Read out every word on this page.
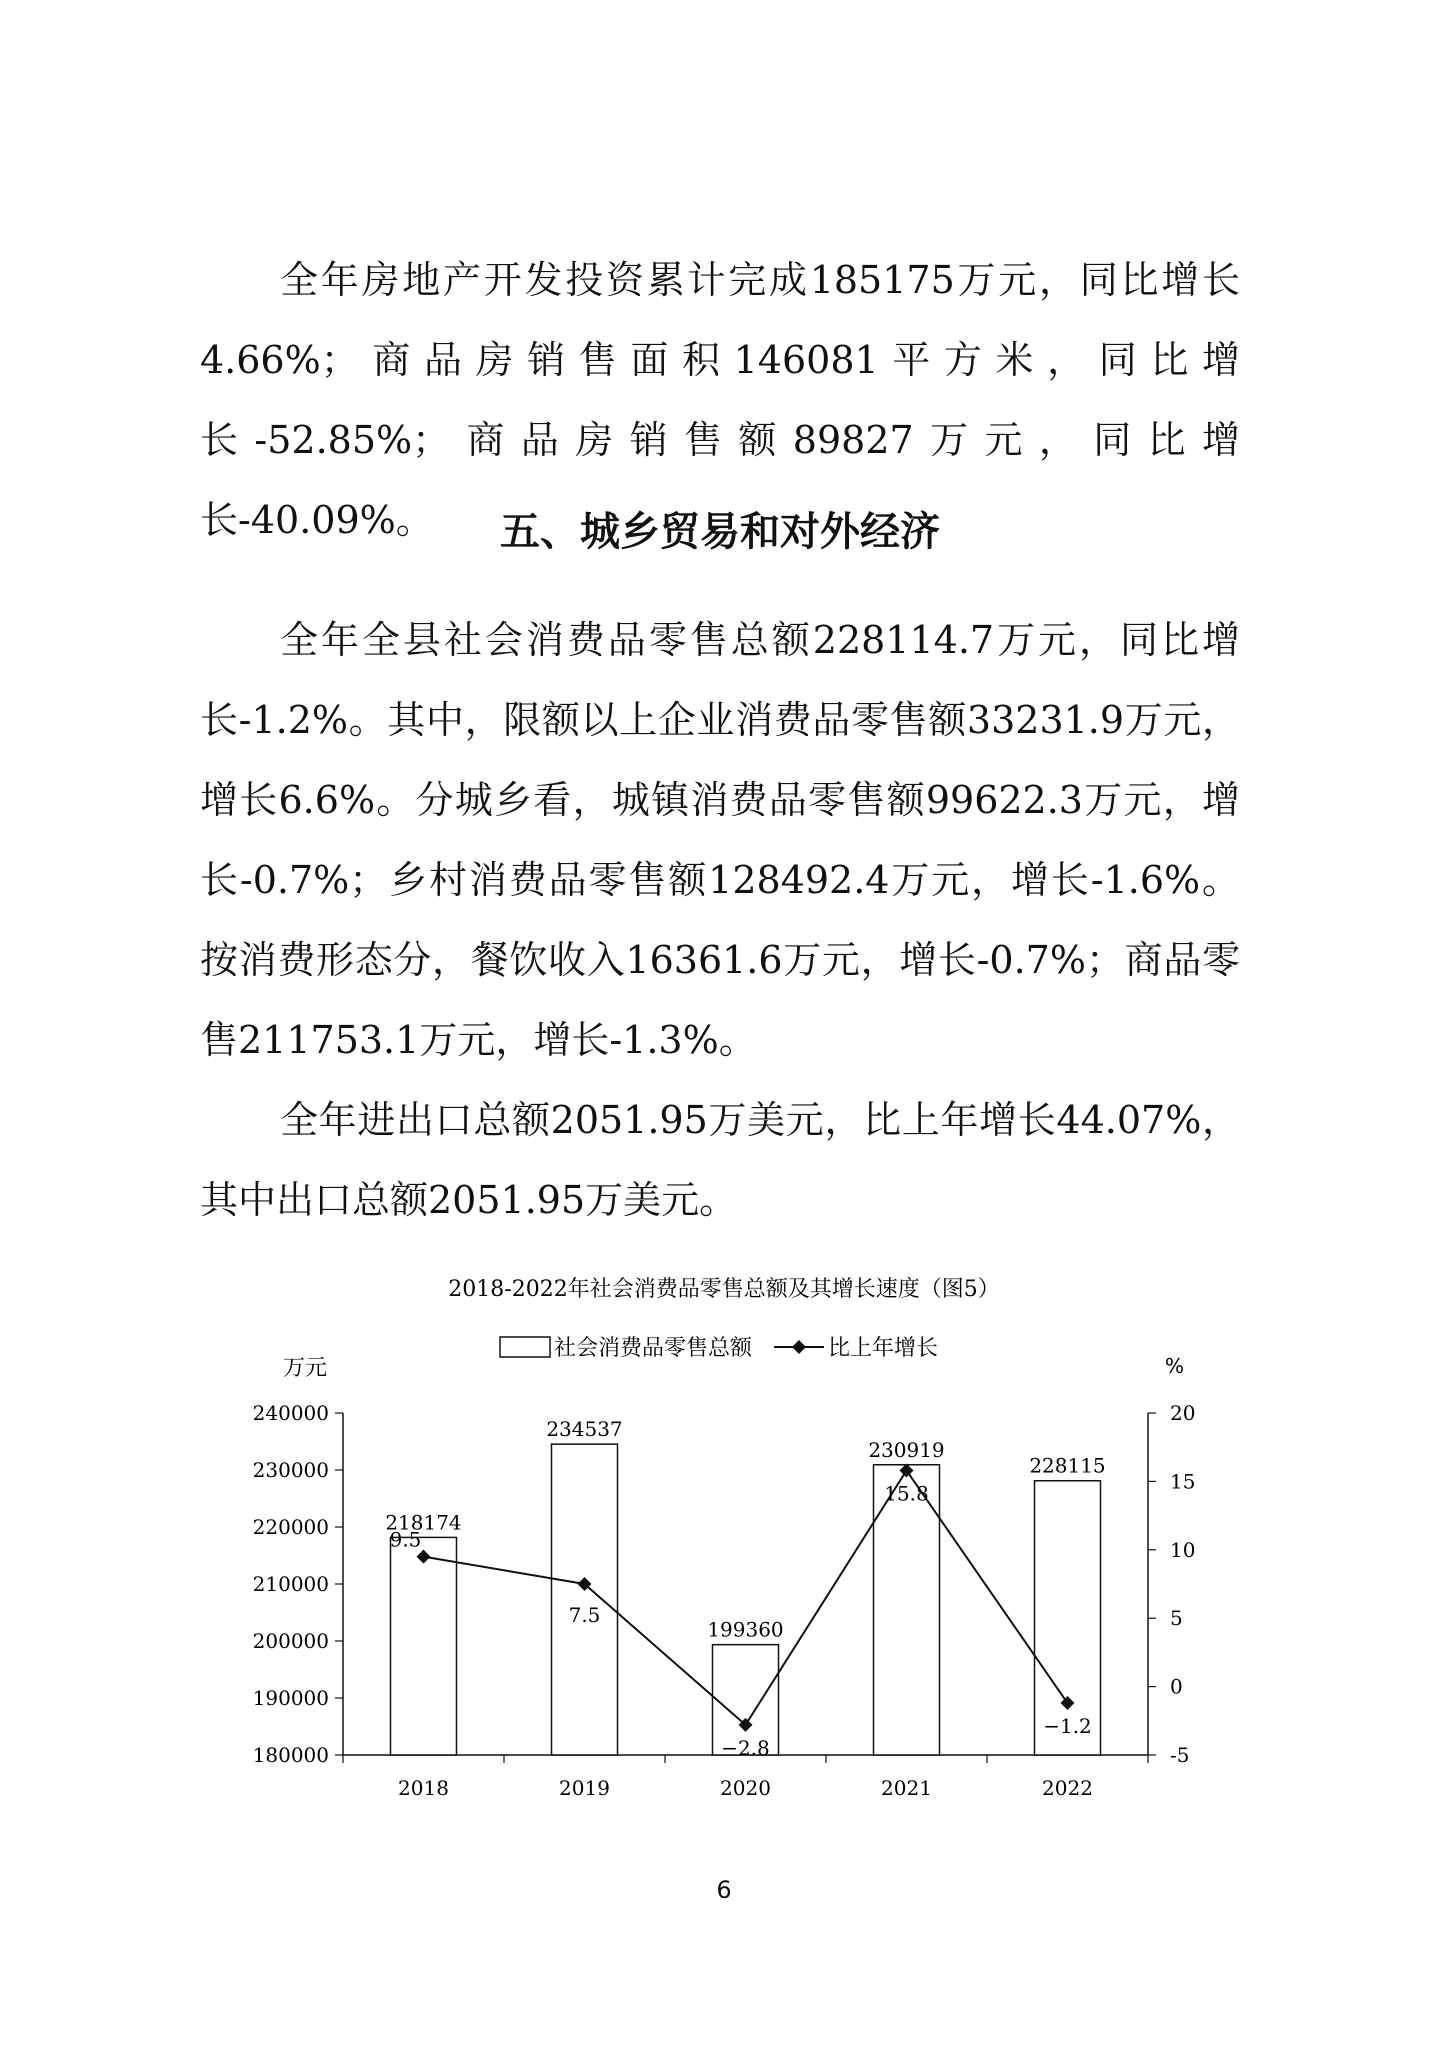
全年房地产开发投资累计完成185175万元，同比增长4.66%；商品房销售面积146081平方米，同比增长-52.85%；商品房销售额89827万元，同比增长-40.09%。	五、城乡贸易和对外经济

全年全县社会消费品零售总额228114.7万元，同比增长-1.2%。其中，限额以上企业消费品零售额33231.9万元，增长6.6%。分城乡看，城镇消费品零售额99622.3万元，增长-0.7%；乡村消费品零售额128492.4万元，增长-1.6%。按消费形态分，餐饮收入16361.6万元，增长-0.7%；商品零售211753.1万元，增长-1.3%。

全年进出口总额2051.95万美元，比上年增长44.07%，其中出口总额2051.95万美元。

2018-2022年社会消费品零售总额及其增长速度（图5）
社会消费品零售总额	比上年增长
万元	%
180000
190000
200000
210000
220000
230000
240000
-5
0
5
10
15
20
2018	2019	2020	2021	2022
218174
234537
199360
230919
228115
9.5
7.5
−2.8
15.8
−1.2
6
